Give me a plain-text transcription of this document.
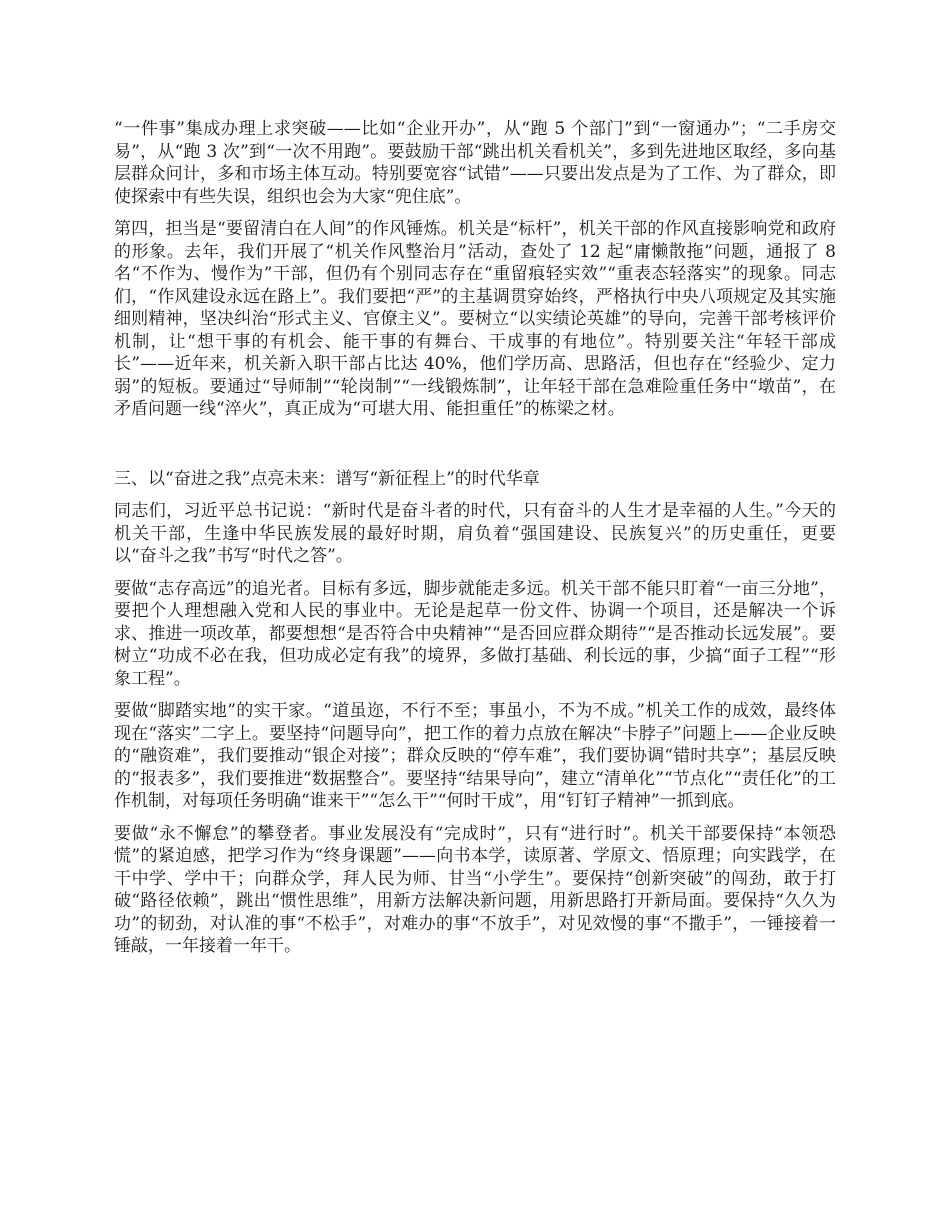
“一件事”集成办理上求突破——比如“企业开办”，从“跑 5 个部门”到“一窗通办”；“二手房交易”，从“跑 3 次”到“一次不用跑”。要鼓励干部“跳出机关看机关”，多到先进地区取经，多向基层群众问计，多和市场主体互动。特别要宽容“试错”——只要出发点是为了工作、为了群众，即使探索中有些失误，组织也会为大家“兜住底”。

第四，担当是“要留清白在人间”的作风锤炼。机关是“标杆”，机关干部的作风直接影响党和政府的形象。去年，我们开展了“机关作风整治月”活动，查处了 12 起“庸懒散拖”问题，通报了 8 名“不作为、慢作为”干部，但仍有个别同志存在“重留痕轻实效”“重表态轻落实”的现象。同志们，“作风建设永远在路上”。我们要把“严”的主基调贯穿始终，严格执行中央八项规定及其实施细则精神，坚决纠治“形式主义、官僚主义”。要树立“以实绩论英雄”的导向，完善干部考核评价机制，让“想干事的有机会、能干事的有舞台、干成事的有地位”。特别要关注“年轻干部成长”——近年来，机关新入职干部占比达 40%，他们学历高、思路活，但也存在“经验少、定力弱”的短板。要通过“导师制”“轮岗制”“一线锻炼制”，让年轻干部在急难险重任务中“墩苗”，在矛盾问题一线“淬火”，真正成为“可堪大用、能担重任”的栋梁之材。

三、以“奋进之我”点亮未来：谱写“新征程上”的时代华章

同志们，习近平总书记说：“新时代是奋斗者的时代，只有奋斗的人生才是幸福的人生。”今天的机关干部，生逢中华民族发展的最好时期，肩负着“强国建设、民族复兴”的历史重任，更要以“奋斗之我”书写“时代之答”。

要做“志存高远”的追光者。目标有多远，脚步就能走多远。机关干部不能只盯着“一亩三分地”，要把个人理想融入党和人民的事业中。无论是起草一份文件、协调一个项目，还是解决一个诉求、推进一项改革，都要想想“是否符合中央精神”“是否回应群众期待”“是否推动长远发展”。要树立“功成不必在我，但功成必定有我”的境界，多做打基础、利长远的事，少搞“面子工程”“形象工程”。

要做“脚踏实地”的实干家。“道虽迩，不行不至；事虽小，不为不成。”机关工作的成效，最终体现在“落实”二字上。要坚持“问题导向”，把工作的着力点放在解决“卡脖子”问题上——企业反映的“融资难”，我们要推动“银企对接”；群众反映的“停车难”，我们要协调“错时共享”；基层反映的“报表多”，我们要推进“数据整合”。要坚持“结果导向”，建立“清单化”“节点化”“责任化”的工作机制，对每项任务明确“谁来干”“怎么干”“何时干成”，用“钉钉子精神”一抓到底。

要做“永不懈怠”的攀登者。事业发展没有“完成时”，只有“进行时”。机关干部要保持“本领恐慌”的紧迫感，把学习作为“终身课题”——向书本学，读原著、学原文、悟原理；向实践学，在干中学、学中干；向群众学，拜人民为师、甘当“小学生”。要保持“创新突破”的闯劲，敢于打破“路径依赖”，跳出“惯性思维”，用新方法解决新问题，用新思路打开新局面。要保持“久久为功”的韧劲，对认准的事“不松手”，对难办的事“不放手”，对见效慢的事“不撒手”，一锤接着一锤敲，一年接着一年干。
